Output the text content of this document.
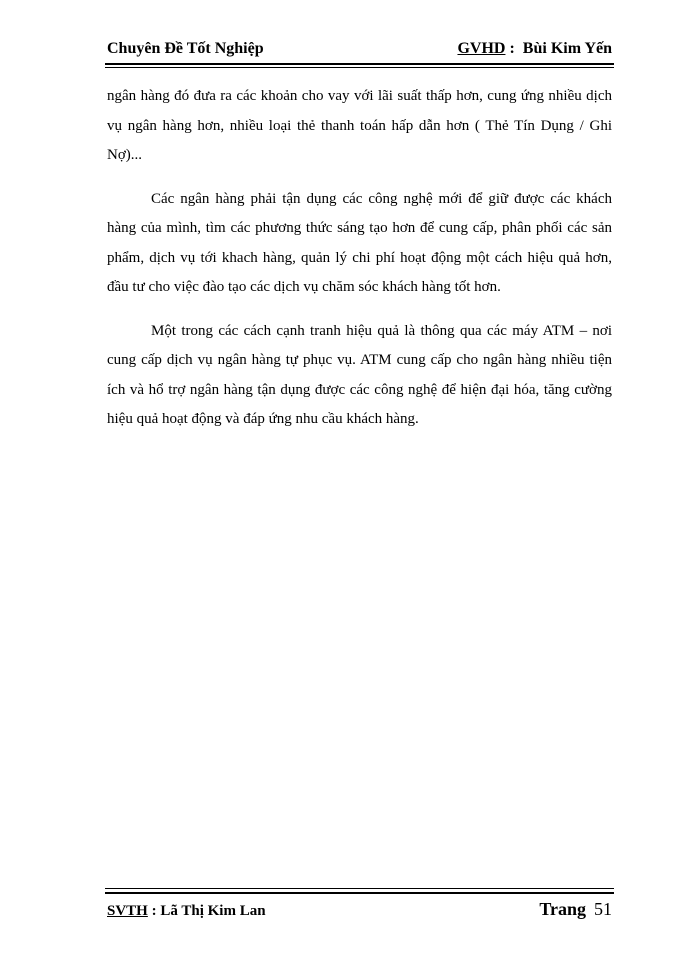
Chuyên Đề Tốt Nghiệp	GVHD :  Bùi Kim Yến

ngân hàng đó đưa ra các khoản cho vay với lãi suất thấp hơn, cung ứng nhiều dịch vụ ngân hàng hơn, nhiều loại thẻ thanh toán hấp dẫn hơn ( Thẻ Tín Dụng / Ghi Nợ)...

Các ngân hàng phải tận dụng các công nghệ mới để giữ được các khách hàng của mình, tìm các phương thức sáng tạo hơn để cung cấp, phân phối các sản phẩm, dịch vụ tới khach hàng, quản lý chi phí hoạt động một cách hiệu quả hơn, đầu tư cho việc đào tạo các dịch vụ chăm sóc khách hàng tốt hơn.

Một trong các cách cạnh tranh hiệu quả là thông qua các máy ATM – nơi cung cấp dịch vụ ngân hàng tự phục vụ. ATM cung cấp cho ngân hàng nhiều tiện ích và hổ trợ ngân hàng tận dụng được các công nghệ để hiện đại hóa, tăng cường hiệu quả hoạt động và đáp ứng nhu cầu khách hàng.

SVTH : Lã Thị Kim Lan	Trang 51
